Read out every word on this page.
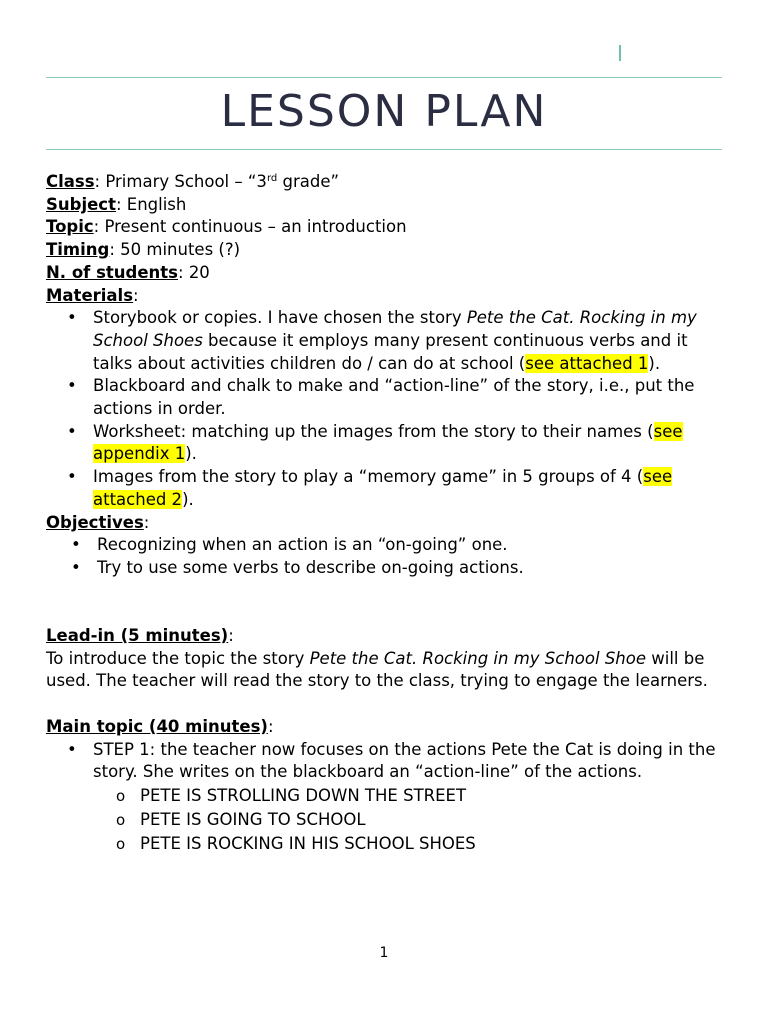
LESSON PLAN

Class: Primary School – “3rd grade”

Subject: English

Topic: Present continuous – an introduction

Timing: 50 minutes (?)

N. of students: 20

Materials:

• Storybook or copies. I have chosen the story Pete the Cat. Rocking in my School Shoes because it employs many present continuous verbs and it talks about activities children do / can do at school (see attached 1).
• Blackboard and chalk to make and “action-line” of the story, i.e., put the actions in order.
• Worksheet: matching up the images from the story to their names (see appendix 1).
• Images from the story to play a “memory game” in 5 groups of 4 (see attached 2).

Objectives:

• Recognizing when an action is an “on-going” one.
• Try to use some verbs to describe on-going actions.

Lead-in (5 minutes):

To introduce the topic the story Pete the Cat. Rocking in my School Shoe will be used. The teacher will read the story to the class, trying to engage the learners.

Main topic (40 minutes):

• STEP 1: the teacher now focuses on the actions Pete the Cat is doing in the story. She writes on the blackboard an “action-line” of the actions.
o PETE IS STROLLING DOWN THE STREET
o PETE IS GOING TO SCHOOL
o PETE IS ROCKING IN HIS SCHOOL SHOES
1
